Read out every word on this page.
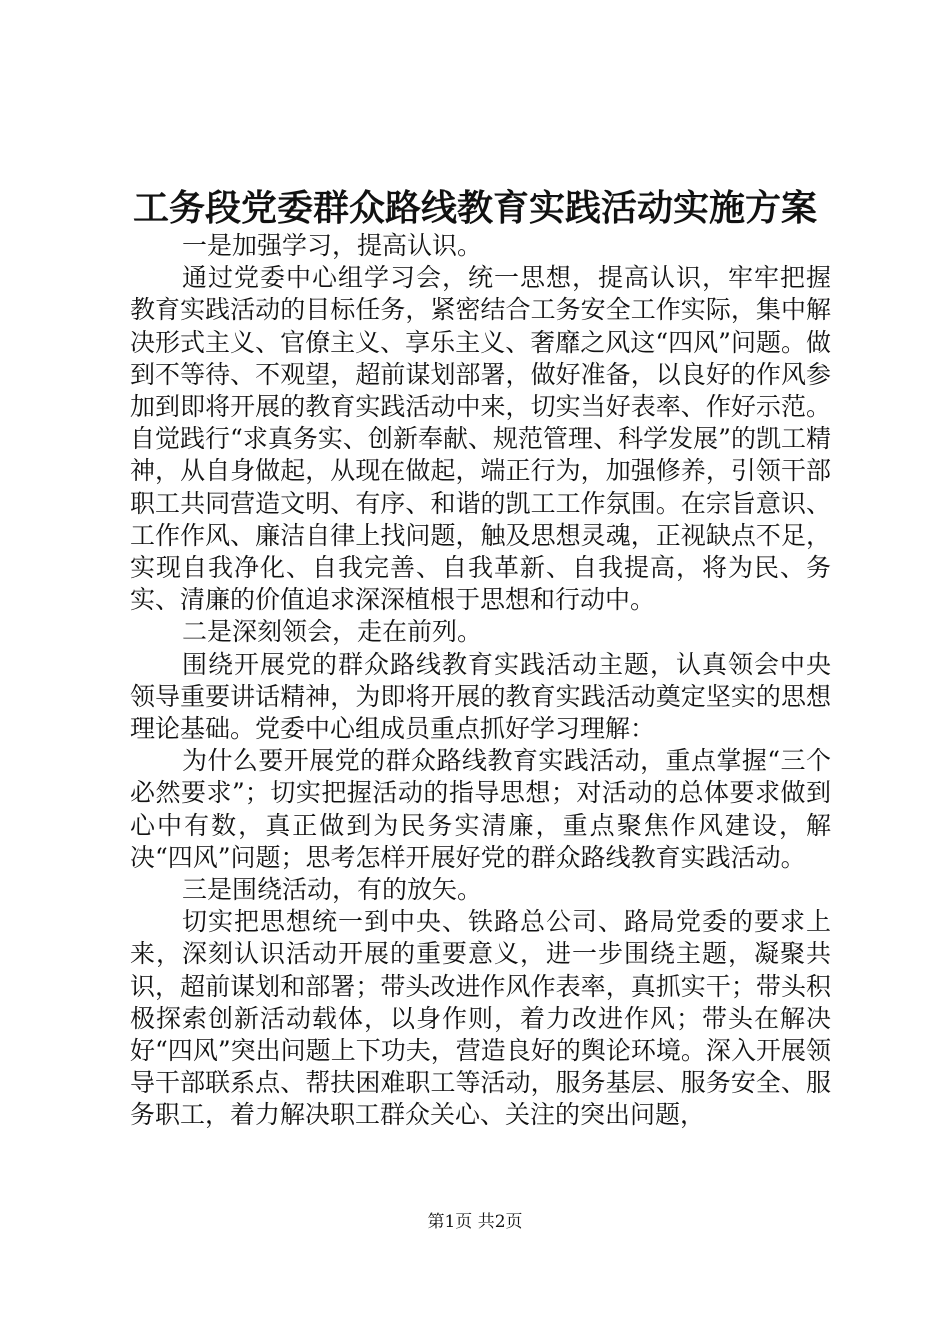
工务段党委群众路线教育实践活动实施方案

一是加强学习，提高认识。

通过党委中心组学习会，统一思想，提高认识，牢牢把握教育实践活动的目标任务，紧密结合工务安全工作实际，集中解决形式主义、官僚主义、享乐主义、奢靡之风这“四风”问题。做到不等待、不观望，超前谋划部署，做好准备，以良好的作风参加到即将开展的教育实践活动中来，切实当好表率、作好示范。自觉践行“求真务实、创新奉献、规范管理、科学发展”的凯工精神，从自身做起，从现在做起，端正行为，加强修养，引领干部职工共同营造文明、有序、和谐的凯工工作氛围。在宗旨意识、工作作风、廉洁自律上找问题，触及思想灵魂，正视缺点不足，实现自我净化、自我完善、自我革新、自我提高，将为民、务实、清廉的价值追求深深植根于思想和行动中。

二是深刻领会，走在前列。

围绕开展党的群众路线教育实践活动主题，认真领会中央领导重要讲话精神，为即将开展的教育实践活动奠定坚实的思想理论基础。党委中心组成员重点抓好学习理解：

为什么要开展党的群众路线教育实践活动，重点掌握“三个必然要求”；切实把握活动的指导思想；对活动的总体要求做到心中有数，真正做到为民务实清廉，重点聚焦作风建设，解决“四风”问题；思考怎样开展好党的群众路线教育实践活动。

三是围绕活动，有的放矢。

切实把思想统一到中央、铁路总公司、路局党委的要求上来，深刻认识活动开展的重要意义，进一步围绕主题，凝聚共识，超前谋划和部署；带头改进作风作表率，真抓实干；带头积极探索创新活动载体，以身作则，着力改进作风；带头在解决好“四风”突出问题上下功夫，营造良好的舆论环境。深入开展领导干部联系点、帮扶困难职工等活动，服务基层、服务安全、服务职工，着力解决职工群众关心、关注的突出问题，

第1页 共2页
